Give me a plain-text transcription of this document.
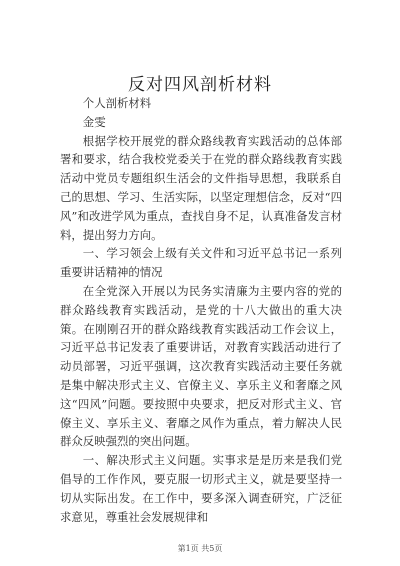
反对四风剖析材料

个人剖析材料

金雯

根据学校开展党的群众路线教育实践活动的总体部署和要求，结合我校党委关于在党的群众路线教育实践活动中党员专题组织生活会的文件指导思想，我联系自己的思想、学习、生活实际，以坚定理想信念，反对“四风”和改进学风为重点，查找自身不足，认真准备发言材料，提出努力方向。

一、学习领会上级有关文件和习近平总书记一系列重要讲话精神的情况

在全党深入开展以为民务实清廉为主要内容的党的群众路线教育实践活动，是党的十八大做出的重大决策。在刚刚召开的群众路线教育实践活动工作会议上，习近平总书记发表了重要讲话，对教育实践活动进行了动员部署，习近平强调，这次教育实践活动主要任务就是集中解决形式主义、官僚主义、享乐主义和奢靡之风这“四风”问题。要按照中央要求，把反对形式主义、官僚主义、享乐主义、奢靡之风作为重点，着力解决人民群众反映强烈的突出问题。

一、解决形式主义问题。实事求是是历来是我们党倡导的工作作风，要克服一切形式主义，就是要坚持一切从实际出发。在工作中，要多深入调查研究，广泛征求意见，尊重社会发展规律和

第1页 共5页
